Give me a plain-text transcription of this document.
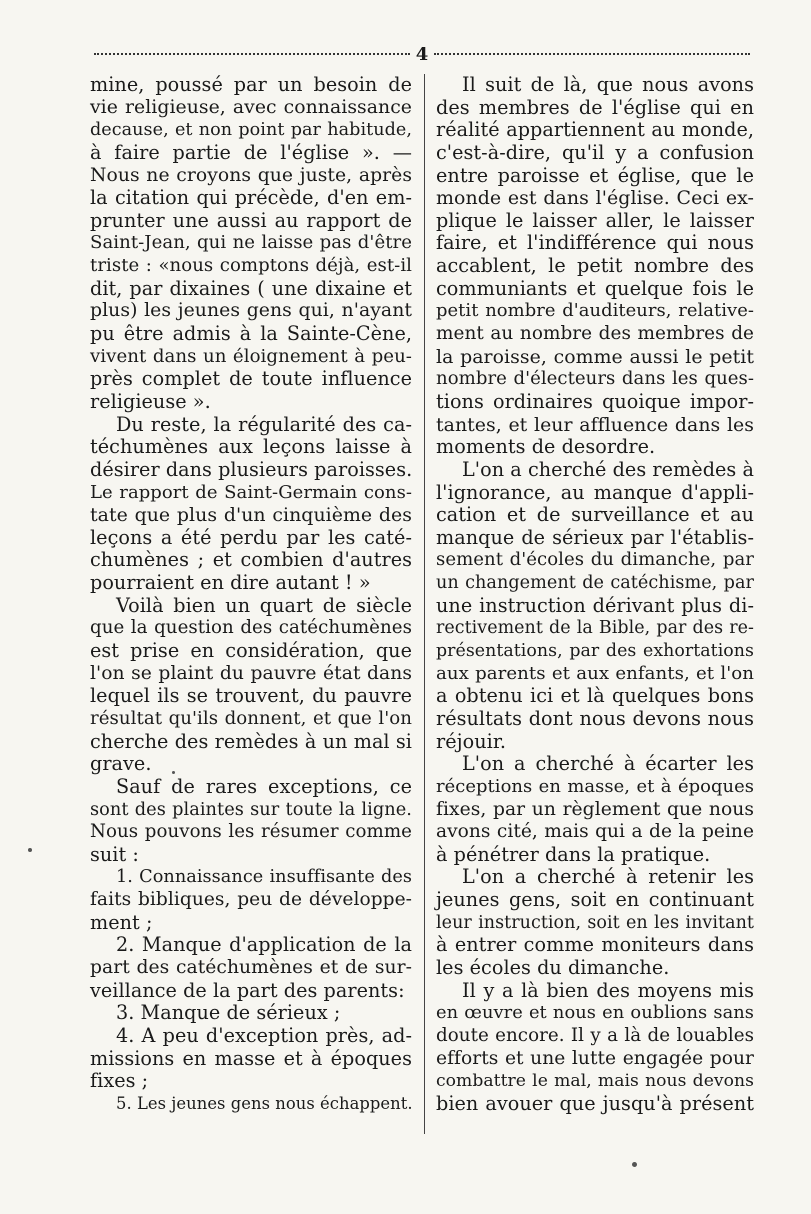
4
mine, poussé par un besoin de
vie religieuse, avec connaissance
decause, et non point par habitude,
à faire partie de l'église ». —
Nous ne croyons que juste, après
la citation qui précède, d'en em-
prunter une aussi au rapport de
Saint-Jean, qui ne laisse pas d'être
triste : «nous comptons déjà, est-il
dit, par dixaines ( une dixaine et
plus) les jeunes gens qui, n'ayant
pu être admis à la Sainte-Cène,
vivent dans un éloignement à peu-
près complet de toute influence
religieuse ».
Du reste, la régularité des ca-
téchumènes aux leçons laisse à
désirer dans plusieurs paroisses.
Le rapport de Saint-Germain cons-
tate que plus d'un cinquième des
leçons a été perdu par les caté-
chumènes ; et combien d'autres
pourraient en dire autant ! »
Voilà bien un quart de siècle
que la question des catéchumènes
est prise en considération, que
l'on se plaint du pauvre état dans
lequel ils se trouvent, du pauvre
résultat qu'ils donnent, et que l'on
cherche des remèdes à un mal si
grave.
Sauf de rares exceptions, ce
sont des plaintes sur toute la ligne.
Nous pouvons les résumer comme
suit :
1. Connaissance insuffisante des
faits bibliques, peu de développe-
ment ;
2. Manque d'application de la
part des catéchumènes et de sur-
veillance de la part des parents:
3. Manque de sérieux ;
4. A peu d'exception près, ad-
missions en masse et à époques
fixes ;
5. Les jeunes gens nous échappent.
Il suit de là, que nous avons
des membres de l'église qui en
réalité appartiennent au monde,
c'est-à-dire, qu'il y a confusion
entre paroisse et église, que le
monde est dans l'église. Ceci ex-
plique le laisser aller, le laisser
faire, et l'indifférence qui nous
accablent, le petit nombre des
communiants et quelque fois le
petit nombre d'auditeurs, relative-
ment au nombre des membres de
la paroisse, comme aussi le petit
nombre d'électeurs dans les ques-
tions ordinaires quoique impor-
tantes, et leur affluence dans les
moments de desordre.
L'on a cherché des remèdes à
l'ignorance, au manque d'appli-
cation et de surveillance et au
manque de sérieux par l'établis-
sement d'écoles du dimanche, par
un changement de catéchisme, par
une instruction dérivant plus di-
rectivement de la Bible, par des re-
présentations, par des exhortations
aux parents et aux enfants, et l'on
a obtenu ici et là quelques bons
résultats dont nous devons nous
réjouir.
L'on a cherché à écarter les
réceptions en masse, et à époques
fixes, par un règlement que nous
avons cité, mais qui a de la peine
à pénétrer dans la pratique.
L'on a cherché à retenir les
jeunes gens, soit en continuant
leur instruction, soit en les invitant
à entrer comme moniteurs dans
les écoles du dimanche.
Il y a là bien des moyens mis
en œuvre et nous en oublions sans
doute encore. Il y a là de louables
efforts et une lutte engagée pour
combattre le mal, mais nous devons
bien avouer que jusqu'à présent
